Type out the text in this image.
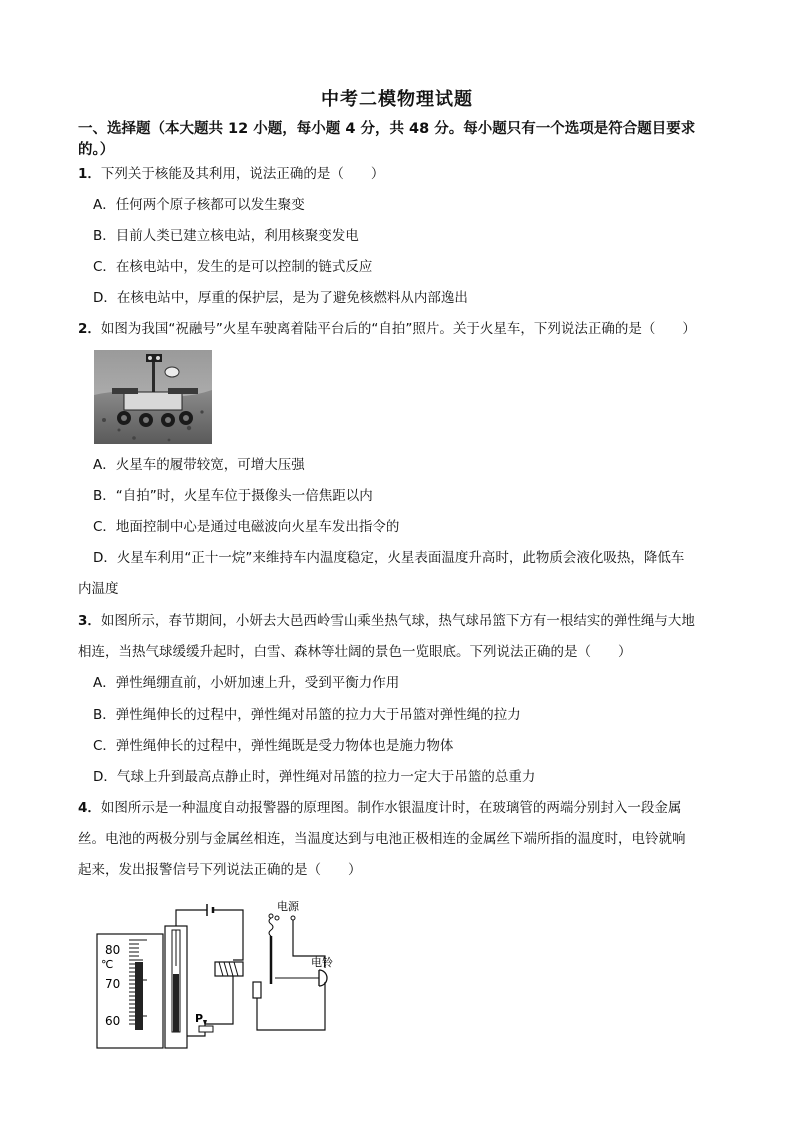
中考二模物理试题
一、选择题（本大题共 12 小题，每小题 4 分，共 48 分。每小题只有一个选项是符合题目要求
的。）
1．下列关于核能及其利用，说法正确的是（　　）
A．任何两个原子核都可以发生聚变
B．目前人类已建立核电站，利用核聚变发电
C．在核电站中，发生的是可以控制的链式反应
D．在核电站中，厚重的保护层，是为了避免核燃料从内部逸出
2．如图为我国“祝融号”火星车驶离着陆平台后的“自拍”照片。关于火星车，下列说法正确的是（　　）
A．火星车的履带较宽，可增大压强
B．“自拍”时，火星车位于摄像头一倍焦距以内
C．地面控制中心是通过电磁波向火星车发出指令的
D．火星车利用“正十一烷”来维持车内温度稳定，火星表面温度升高时，此物质会液化吸热，降低车
内温度
3．如图所示，春节期间，小妍去大邑西岭雪山乘坐热气球，热气球吊篮下方有一根结实的弹性绳与大地
相连，当热气球缓缓升起时，白雪、森林等壮阔的景色一览眼底。下列说法正确的是（　　）
A．弹性绳绷直前，小妍加速上升，受到平衡力作用
B．弹性绳伸长的过程中，弹性绳对吊篮的拉力大于吊篮对弹性绳的拉力
C．弹性绳伸长的过程中，弹性绳既是受力物体也是施力物体
D．气球上升到最高点静止时，弹性绳对吊篮的拉力一定大于吊篮的总重力
4．如图所示是一种温度自动报警器的原理图。制作水银温度计时，在玻璃管的两端分别封入一段金属
丝。电池的两极分别与金属丝相连，当温度达到与电池正极相连的金属丝下端所指的温度时，电铃就响
起来，发出报警信号下列说法正确的是（　　）
80
℃
70
60	P
电源
电铃
